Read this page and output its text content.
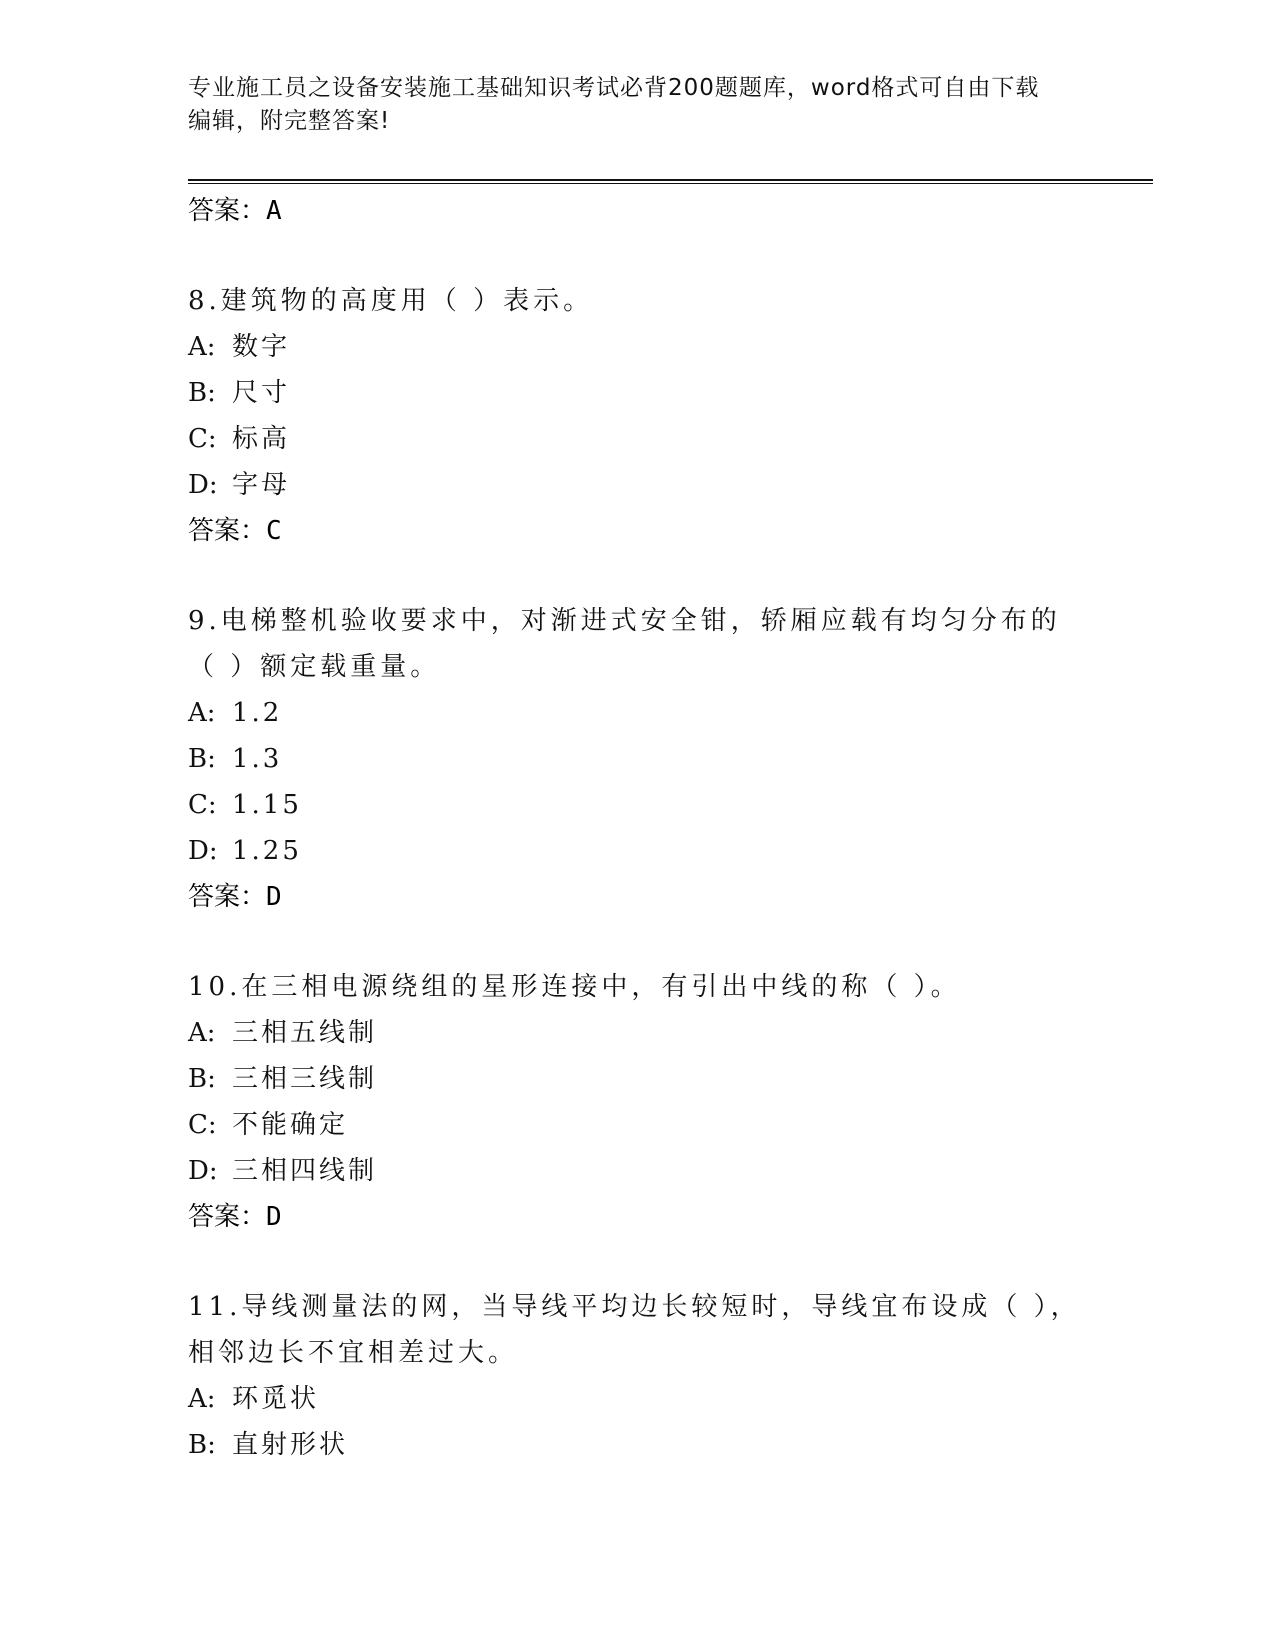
专业施工员之设备安装施工基础知识考试必背200题题库，word格式可自由下载
编辑，附完整答案!
答案：A
8.建筑物的高度用（ ）表示。
A: 数字
B: 尺寸
C: 标高
D: 字母
答案：C
9.电梯整机验收要求中，对渐进式安全钳，轿厢应载有均匀分布的（ ）额定载重量。
A: 1.2
B: 1.3
C: 1.15
D: 1.25
答案：D
10.在三相电源绕组的星形连接中，有引出中线的称（ ）。
A: 三相五线制
B: 三相三线制
C: 不能确定
D: 三相四线制
答案：D
11.导线测量法的网，当导线平均边长较短时，导线宜布设成（ ），相邻边长不宜相差过大。
A: 环觅状
B: 直射形状
